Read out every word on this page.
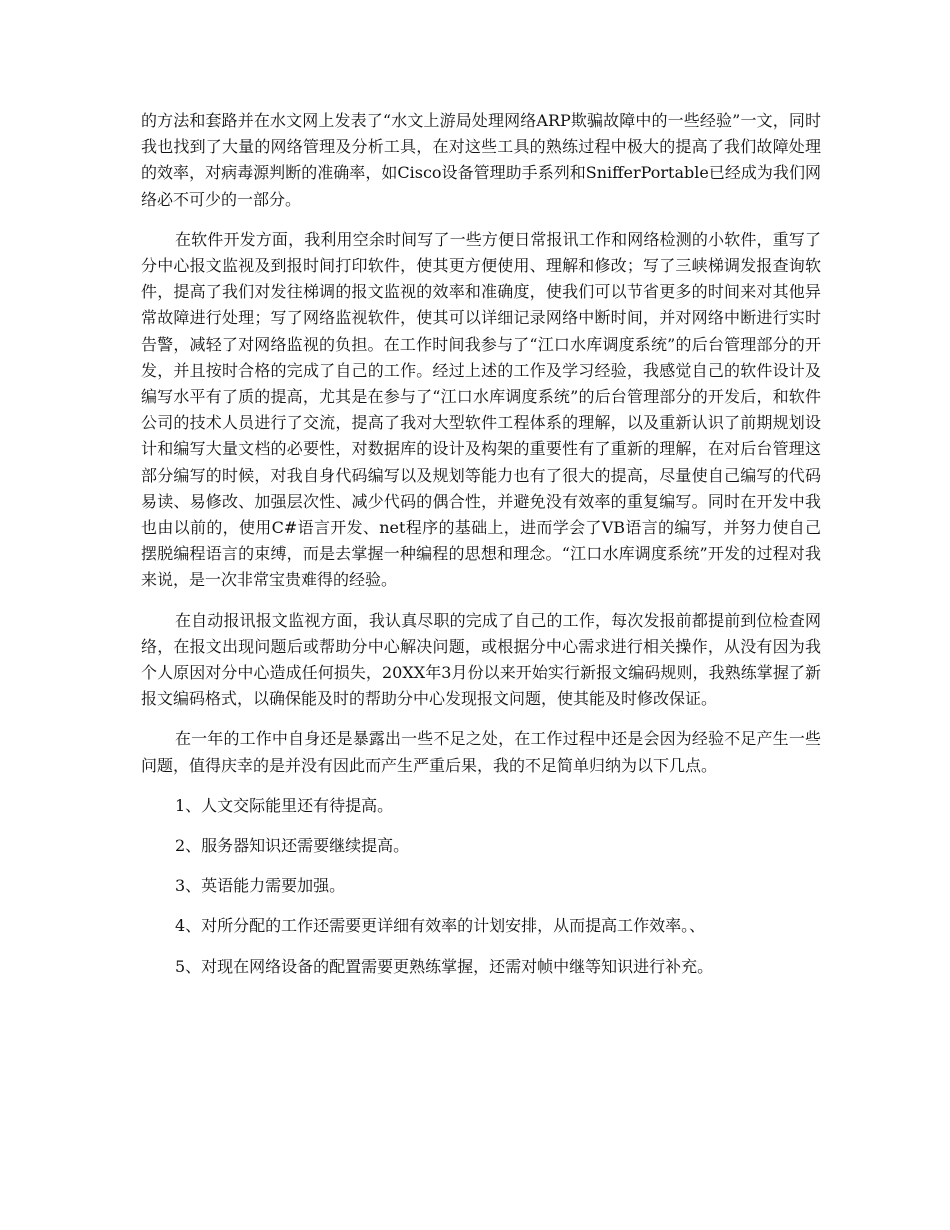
的方法和套路并在水文网上发表了“水文上游局处理网络ARP欺骗故障中的一些经验”一文，同时我也找到了大量的网络管理及分析工具，在对这些工具的熟练过程中极大的提高了我们故障处理的效率，对病毒源判断的准确率，如Cisco设备管理助手系列和SnifferPortable已经成为我们网络必不可少的一部分。

在软件开发方面，我利用空余时间写了一些方便日常报讯工作和网络检测的小软件，重写了分中心报文监视及到报时间打印软件，使其更方便使用、理解和修改；写了三峡梯调发报查询软件，提高了我们对发往梯调的报文监视的效率和准确度，使我们可以节省更多的时间来对其他异常故障进行处理；写了网络监视软件，使其可以详细记录网络中断时间，并对网络中断进行实时告警，减轻了对网络监视的负担。在工作时间我参与了“江口水库调度系统”的后台管理部分的开发，并且按时合格的完成了自己的工作。经过上述的工作及学习经验，我感觉自己的软件设计及编写水平有了质的提高，尤其是在参与了“江口水库调度系统”的后台管理部分的开发后，和软件公司的技术人员进行了交流，提高了我对大型软件工程体系的理解，以及重新认识了前期规划设计和编写大量文档的必要性，对数据库的设计及构架的重要性有了重新的理解，在对后台管理这部分编写的时候，对我自身代码编写以及规划等能力也有了很大的提高，尽量使自己编写的代码易读、易修改、加强层次性、减少代码的偶合性，并避免没有效率的重复编写。同时在开发中我也由以前的，使用C#语言开发、net程序的基础上，进而学会了VB语言的编写，并努力使自己摆脱编程语言的束缚，而是去掌握一种编程的思想和理念。“江口水库调度系统”开发的过程对我来说，是一次非常宝贵难得的经验。

在自动报讯报文监视方面，我认真尽职的完成了自己的工作，每次发报前都提前到位检查网络，在报文出现问题后或帮助分中心解决问题，或根据分中心需求进行相关操作，从没有因为我个人原因对分中心造成任何损失，20XX年3月份以来开始实行新报文编码规则，我熟练掌握了新报文编码格式，以确保能及时的帮助分中心发现报文问题，使其能及时修改保证。

在一年的工作中自身还是暴露出一些不足之处，在工作过程中还是会因为经验不足产生一些问题，值得庆幸的是并没有因此而产生严重后果，我的不足简单归纳为以下几点。

1、人文交际能里还有待提高。

2、服务器知识还需要继续提高。

3、英语能力需要加强。

4、对所分配的工作还需要更详细有效率的计划安排，从而提高工作效率。、

5、对现在网络设备的配置需要更熟练掌握，还需对帧中继等知识进行补充。
